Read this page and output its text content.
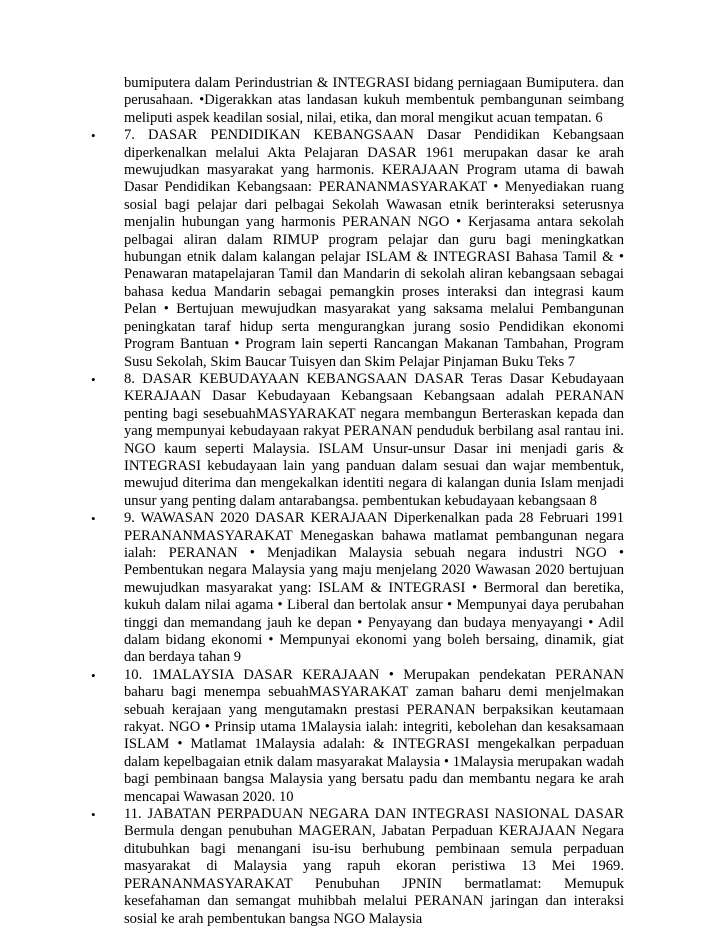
bumiputera dalam Perindustrian & INTEGRASI bidang perniagaan Bumiputera. dan perusahaan. •Digerakkan atas landasan kukuh membentuk pembangunan seimbang meliputi aspek keadilan sosial, nilai, etika, dan moral mengikut acuan tempatan. 6

•	7. DASAR PENDIDIKAN KEBANGSAAN Dasar Pendidikan Kebangsaan diperkenalkan melalui Akta Pelajaran DASAR 1961 merupakan dasar ke arah mewujudkan masyarakat yang harmonis. KERAJAAN Program utama di bawah Dasar Pendidikan Kebangsaan: PERANANMASYARAKAT • Menyediakan ruang sosial bagi pelajar dari pelbagai Sekolah Wawasan etnik berinteraksi seterusnya menjalin hubungan yang harmonis PERANAN NGO • Kerjasama antara sekolah pelbagai aliran dalam RIMUP program pelajar dan guru bagi meningkatkan hubungan etnik dalam kalangan pelajar ISLAM & INTEGRASI Bahasa Tamil & • Penawaran matapelajaran Tamil dan Mandarin di sekolah aliran kebangsaan sebagai bahasa kedua Mandarin sebagai pemangkin proses interaksi dan integrasi kaum Pelan • Bertujuan mewujudkan masyarakat yang saksama melalui Pembangunan peningkatan taraf hidup serta mengurangkan jurang sosio Pendidikan ekonomi Program Bantuan • Program lain seperti Rancangan Makanan Tambahan, Program Susu Sekolah, Skim Baucar Tuisyen dan Skim Pelajar Pinjaman Buku Teks 7

•	8. DASAR KEBUDAYAAN KEBANGSAAN DASAR Teras Dasar Kebudayaan KERAJAAN Dasar Kebudayaan Kebangsaan Kebangsaan adalah PERANAN penting bagi sesebuahMASYARAKAT negara membangun Berteraskan kepada dan yang mempunyai kebudayaan rakyat PERANAN penduduk berbilang asal rantau ini. NGO kaum seperti Malaysia. ISLAM Unsur-unsur Dasar ini menjadi garis & INTEGRASI kebudayaan lain yang panduan dalam sesuai dan wajar membentuk, mewujud diterima dan mengekalkan identiti negara di kalangan dunia Islam menjadi unsur yang penting dalam antarabangsa. pembentukan kebudayaan kebangsaan 8

•	9. WAWASAN 2020 DASAR KERAJAAN Diperkenalkan pada 28 Februari 1991 PERANANMASYARAKAT Menegaskan bahawa matlamat pembangunan negara ialah: PERANAN • Menjadikan Malaysia sebuah negara industri NGO • Pembentukan negara Malaysia yang maju menjelang 2020 Wawasan 2020 bertujuan mewujudkan masyarakat yang: ISLAM & INTEGRASI • Bermoral dan beretika, kukuh dalam nilai agama • Liberal dan bertolak ansur • Mempunyai daya perubahan tinggi dan memandang jauh ke depan • Penyayang dan budaya menyayangi • Adil dalam bidang ekonomi • Mempunyai ekonomi yang boleh bersaing, dinamik, giat dan berdaya tahan 9

•	10. 1MALAYSIA DASAR KERAJAAN • Merupakan pendekatan PERANAN baharu bagi menempa sebuahMASYARAKAT zaman baharu demi menjelmakan sebuah kerajaan yang mengutamakn prestasi PERANAN berpaksikan keutamaan rakyat. NGO • Prinsip utama 1Malaysia ialah: integriti, kebolehan dan kesaksamaan ISLAM • Matlamat 1Malaysia adalah: & INTEGRASI mengekalkan perpaduan dalam kepelbagaian etnik dalam masyarakat Malaysia • 1Malaysia merupakan wadah bagi pembinaan bangsa Malaysia yang bersatu padu dan membantu negara ke arah mencapai Wawasan 2020. 10

•	11. JABATAN PERPADUAN NEGARA DAN INTEGRASI NASIONAL DASAR Bermula dengan penubuhan MAGERAN, Jabatan Perpaduan KERAJAAN Negara ditubuhkan bagi menangani isu-isu berhubung pembinaan semula perpaduan masyarakat di Malaysia yang rapuh ekoran peristiwa 13 Mei 1969. PERANANMASYARAKAT Penubuhan JPNIN bermatlamat: Memupuk kesefahaman dan semangat muhibbah melalui PERANAN jaringan dan interaksi sosial ke arah pembentukan bangsa NGO Malaysia
